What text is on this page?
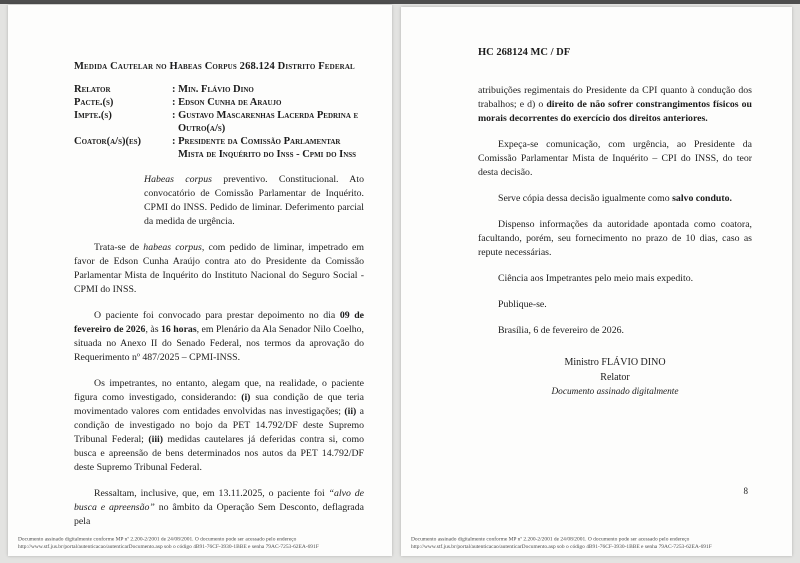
Medida Cautelar no Habeas Corpus 268.124 Distrito Federal
Relator	: Min. Flávio Dino
Pacte.(s)	: Edson Cunha de Araujo
Impte.(s)	: Gustavo Mascarenhas Lacerda Pedrina e Outro(a/s)
Coator(a/s)(es)	: Presidente da Comissão Parlamentar Mista de Inquérito do Inss - Cpmi do Inss
Habeas corpus preventivo. Constitucional. Ato convocatório de Comissão Parlamentar de Inquérito. CPMI do INSS. Pedido de liminar. Deferimento parcial da medida de urgência.
Trata-se de habeas corpus, com pedido de liminar, impetrado em favor de Edson Cunha Araújo contra ato do Presidente da Comissão Parlamentar Mista de Inquérito do Instituto Nacional do Seguro Social - CPMI do INSS.
O paciente foi convocado para prestar depoimento no dia 09 de fevereiro de 2026, às 16 horas, em Plenário da Ala Senador Nilo Coelho, situada no Anexo II do Senado Federal, nos termos da aprovação do Requerimento nº 487/2025 – CPMI-INSS.
Os impetrantes, no entanto, alegam que, na realidade, o paciente figura como investigado, considerando: (i) sua condição de que teria movimentado valores com entidades envolvidas nas investigações; (ii) a condição de investigado no bojo da PET 14.792/DF deste Supremo Tribunal Federal; (iii) medidas cautelares já deferidas contra si, como busca e apreensão de bens determinados nos autos da PET 14.792/DF deste Supremo Tribunal Federal.
Ressaltam, inclusive, que, em 13.11.2025, o paciente foi “alvo de busca e apreensão” no âmbito da Operação Sem Desconto, deflagrada pela
Documento assinado digitalmente conforme MP nº 2.200-2/2001 de 24/08/2001. O documento pode ser acessado pelo endereço
http://www.stf.jus.br/portal/autenticacao/autenticarDocumento.asp sob o código 4B91-76CF-3930-1BBE e senha 79AC-7253-62EA-691F
HC 268124 MC / DF
atribuições regimentais do Presidente da CPI quanto à condução dos trabalhos; e d) o direito de não sofrer constrangimentos físicos ou morais decorrentes do exercício dos direitos anteriores.
Expeça-se comunicação, com urgência, ao Presidente da Comissão Parlamentar Mista de Inquérito – CPI do INSS, do teor desta decisão.
Serve cópia dessa decisão igualmente como salvo conduto.
Dispenso informações da autoridade apontada como coatora, facultando, porém, seu fornecimento no prazo de 10 dias, caso as repute necessárias.
Ciência aos Impetrantes pelo meio mais expedito.
Publique-se.
Brasília, 6 de fevereiro de 2026.
Ministro FLÁVIO DINO
Relator
Documento assinado digitalmente
8
Documento assinado digitalmente conforme MP nº 2.200-2/2001 de 24/08/2001. O documento pode ser acessado pelo endereço
http://www.stf.jus.br/portal/autenticacao/autenticarDocumento.asp sob o código 4B91-76CF-3930-1BBE e senha 79AC-7253-62EA-691F
